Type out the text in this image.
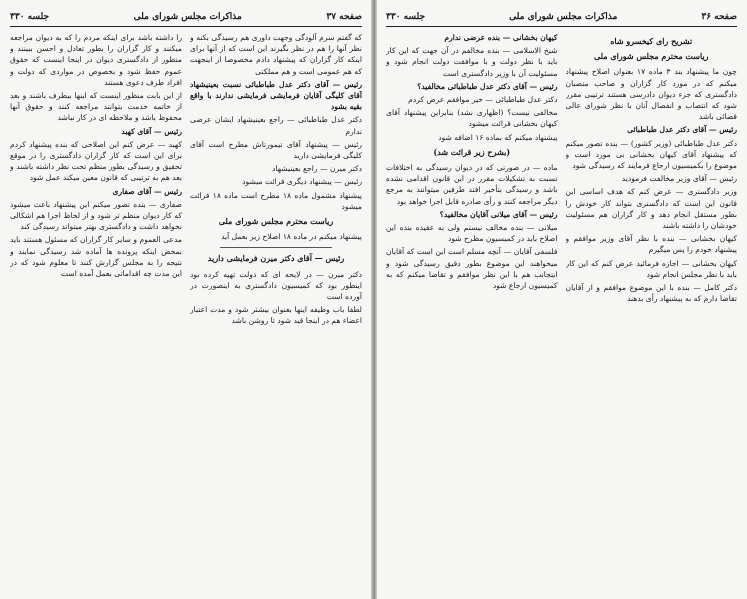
صفحه ۳۷
مذاکرات مجلس شورای ملی
جلسه ۳۳۰

که گفتم سرم آلودگی وجهت داوری هم رسیدگی بکنه و نظر آنها را هم در نظر بگیرند این است که از آنها برای اینکه کار گزاران که پیشنهاد دادم مخصوصا از اینجهت که هم عمومی است و هم مملکتی

رئیس — آقای دکتر عدل طباطبائی نسبت بعینیشهاد آقای کلیگی آقایان فرمایشی فرمایشی ندارند با واقع بقیه بشود

دکتر عدل طباطبائی — راجع بعینیشهاد ایشان عرضی ندارم

رئیس — پیشنهاد آقای تیمورتاش مطرح است آقای کلیگی فرمایشی دارید

دکتر میرن — راجع بعینیشهاد

رئیس — پیشنهاد دیگری قرائت میشود

پیشنهاد مشمول ماده ۱۸ مطرح است ماده ۱۸ قرائت میشود

ریاست محترم مجلس شورای ملی

پیشنهاد میکنم در ماده ۱۸ اصلاح زیر بعمل آید

رئیس — آقای دکتر میرن فرمایشی دارید

دکتر میرن — در لایحه ای که دولت تهیه کرده بود اینطور بود که کمیسیون دادگستری به اینصورت در آورده است

لطفا باب وظیفه اینها بعنوان بیشتر شود و مدت اعتبار اعضاء هم در اینجا قید شود تا روشن باشد

را داشته باشد برای اینکه مردم را که به دیوان مراجعه میکنند و کار گزاران را بطور تعادل و احسن ببینند و منظور از دادگستری دیوان در اینجا اینست که حقوق عموم حفظ شود و بخصوص در مواردی که دولت و افراد طرف دعوی هستند

از این بابت منظور اینست که اینها بیطرف باشند و بعد از خاتمه خدمت بتوانند مراجعه کنند و حقوق آنها محفوظ باشد و ملاحظه ای در کار نباشد

رئیس — آقای کهبد

کهبد — عرض کنم این اصلاحی که بنده پیشنهاد کردم برای این است که کار گزاران دادگستری را در موقع تحقیق و رسیدگی بطور منظم تحت نظر داشته باشند و بعد هم به ترتیبی که قانون معین میکند عمل شود

رئیس — آقای صفاری

صفاری — بنده تصور میکنم این پیشنهاد باعث میشود که کار دیوان منظم تر شود و از لحاظ اجرا هم اشکالی نخواهد داشت و دادگستری بهتر میتواند رسیدگی کند

مدعی العموم و سایر کار گزاران که مسئول هستند باید بمحض اینکه پرونده ها آماده شد رسیدگی نمایند و نتیجه را به مجلس گزارش کنند تا معلوم شود که در این مدت چه اقداماتی بعمل آمده است

صفحه ۳۶
مذاکرات مجلس شورای ملی
جلسه ۳۳۰

تشریح رای کیخسرو شاه

ریاست محترم مجلس شورای ملی

چون ما پیشنهاد بند ۳ ماده ۱۷ بعنوان اصلاح پیشنهاد میکنم که در مورد کار گزاران و صاحب منصبان دادگستری که جزء دیوان دادرسی هستند ترتیبی مقرر شود که انتصاب و انفصال آنان با نظر شورای عالی قضائی باشد

رئیس — آقای دکتر عدل طباطبائی

دکتر عدل طباطبائی (وزیر کشور) — بنده تصور میکنم که پیشنهاد آقای کیهان بخشانی بی مورد است و موضوع را بکمیسیون ارجاع فرمایند که رسیدگی شود

رئیس — آقای وزیر مخالفت فرمودید

وزیر دادگستری — عرض کنم که هدف اساسی این قانون این است که دادگستری بتواند کار خودش را بطور مستقل انجام دهد و کار گزاران هم مسئولیت خودشان را داشته باشند

کیهان بخشانی — بنده با نظر آقای وزیر موافقم و پیشنهاد خودم را پس میگیرم

کیهان بخشانی — اجازه فرمائید عرض کنم که این کار باید با نظر مجلس انجام شود

دکتر کامل — بنده با این موضوع موافقم و از آقایان تقاضا دارم که به پیشنهاد رأی بدهند

کیهان بخشانی — بنده عرضی ندارم

شیخ الاسلامی — بنده مخالفم در آن جهت که این کار باید با نظر دولت و با موافقت دولت انجام شود و مسئولیت آن با وزیر دادگستری است

رئیس — آقای دکتر عدل طباطبائی مخالفید؟

دکتر عدل طباطبائی — خیر موافقم عرض کردم

مخالفی نیست؟ (اظهاری نشد) بنابراین پیشنهاد آقای کیهان بخشانی قرائت میشود

پیشنهاد میکنم که بماده ۱۶ اضافه شود

(بشرح زیر قرائت شد)

ماده — در صورتی که در دیوان رسیدگی به اختلافات نسبت به تشکیلات مقرر در این قانون اقدامی نشده باشد و رسیدگی بتأخیر افتد طرفین میتوانند به مرجع دیگر مراجعه کنند و رأی صادره قابل اجرا خواهد بود

رئیس — آقای میلانی آقایان مخالفید؟

میلانی — بنده مخالف نیستم ولی به عقیده بنده این اصلاح باید در کمیسیون مطرح شود

فلسفی آقایان — آنچه مسلم است این است که آقایان میخواهند این موضوع بطور دقیق رسیدگی شود و اینجانب هم با این نظر موافقم و تقاضا میکنم که به کمیسیون ارجاع شود
